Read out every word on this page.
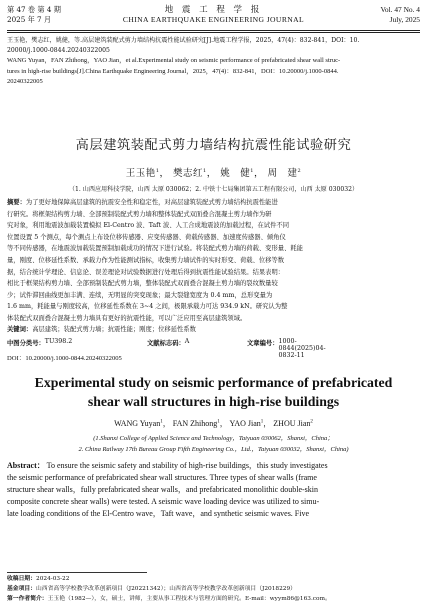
第 47 卷 第 4 期
2025 年 7 月
地 震 工 程 学 报
CHINA EARTHQUAKE ENGINEERING JOURNAL
Vol. 47 No. 4
July, 2025

王玉艳，樊志红，姚健，等.高层建筑装配式剪力墙结构抗震性能试验研究[J].地震工程学报，2025，47(4)：832-841，DOI：10.

20000/j.1000-0844.20240322005

WANG Yuyan，FAN Zhihong，YAO Jian，et al.Experimental study on seismic performance of prefabricated shear wall struc-

tures in high-rise buildings[J].China Earthquake Engineering Journal，2025，47(4)：832-841，DOI：10.20000/j.1000-0844.

20240322005

高层建筑装配式剪力墙结构抗震性能试验研究
王玉艳$^1$， 樊志红$^1$， 姚　健$^1$， 周　建$^2$
（1. 山西应用科技学院，山西 太原 030062；2. 中铁十七局集团第五工程有限公司，山西 太原 030032）
摘要：为了更好地保障高层建筑的抗震安全性和稳定性，对高层建筑装配式剪力墙结构抗震性能进
行研究。将框架结构剪力墙、全部预制装配式剪力墙和整体装配式双面叠合混凝土剪力墙作为研
究对象，利用地震波加载装置模拟 El-Centro 波、Taft 波、人工合成地震波的加载过程，在试件不同
位置设置 5 个测点，每个测点上布设位移传感器、应变传感器、荷载传感器、加速度传感器、倾角仪
等不同传感器，在地震波加载装置预制加载成功的情况下进行试验。将装配式剪力墙的荷载、变形量、耗能
量，刚度、位移延性系数、承载力作为性能测试指标，收集剪力墙试件的实时形变、荷载、位移等数
据，结合统计学理论、信息论、误差理论对试验数据进行处理后得到抗震性能试验结果。结果表明：
相比于框架结构剪力墙、全部预制装配式剪力墙，整体装配式双面叠合混凝土剪力墙的裂纹数量较
少；试件滞回曲线更加丰满、连续，无明显的突变现象；最大裂缝宽度为 0.4 mm，总形变量为
1.6 mm，耗能量与刚度较高，位移延性系数在 3~4 之间，极限承载力可达 934.9 kN。研究认为整
体装配式双面叠合混凝土剪力墙具有更好的抗震性能，可以广泛应用至高层建筑领域。
关键词：高层建筑；装配式剪力墙；抗震性能；刚度；位移延性系数
中图分类号： TU398.2	文献标志码： A	文章编号： 1000-0844(2025)04-0832-11
DOI：10.20000/j.1000-0844.20240322005
Experimental study on seismic performance of prefabricated
shear wall structures in high-rise buildings
WANG Yuyan$^1$， FAN Zhihong$^1$， YAO Jian$^1$， ZHOU Jian$^2$
(1.Shanxi College of Applied Science and Technology，Taiyuan 030062，Shanxi，China；
2. China Railway 17th Bureau Group Fifth Engineering Co.，Ltd.，Taiyuan 030032，Shanxi，China)
Abstract： To ensure the seismic safety and stability of high-rise buildings，this study investigates
the seismic performance of prefabricated shear wall structures. Three types of shear walls (frame
structure shear walls，fully prefabricated shear walls，and prefabricated monolithic double-skin
composite concrete shear walls) were tested. A seismic wave loading device was utilized to simu-
late loading conditions of the El-Centro wave，Taft wave，and synthetic seismic waves. Five

收稿日期：2024-03-22

基金项目：山西省高等学校教学改革创新项目（J20221342）；山西省高等学校教学改革创新项目（J2018229）

第一作者简介：王玉艳（1982—），女，硕士，讲师，主要从事工程技术与管理方面的研究。E-mail：wyym86@163.com。
